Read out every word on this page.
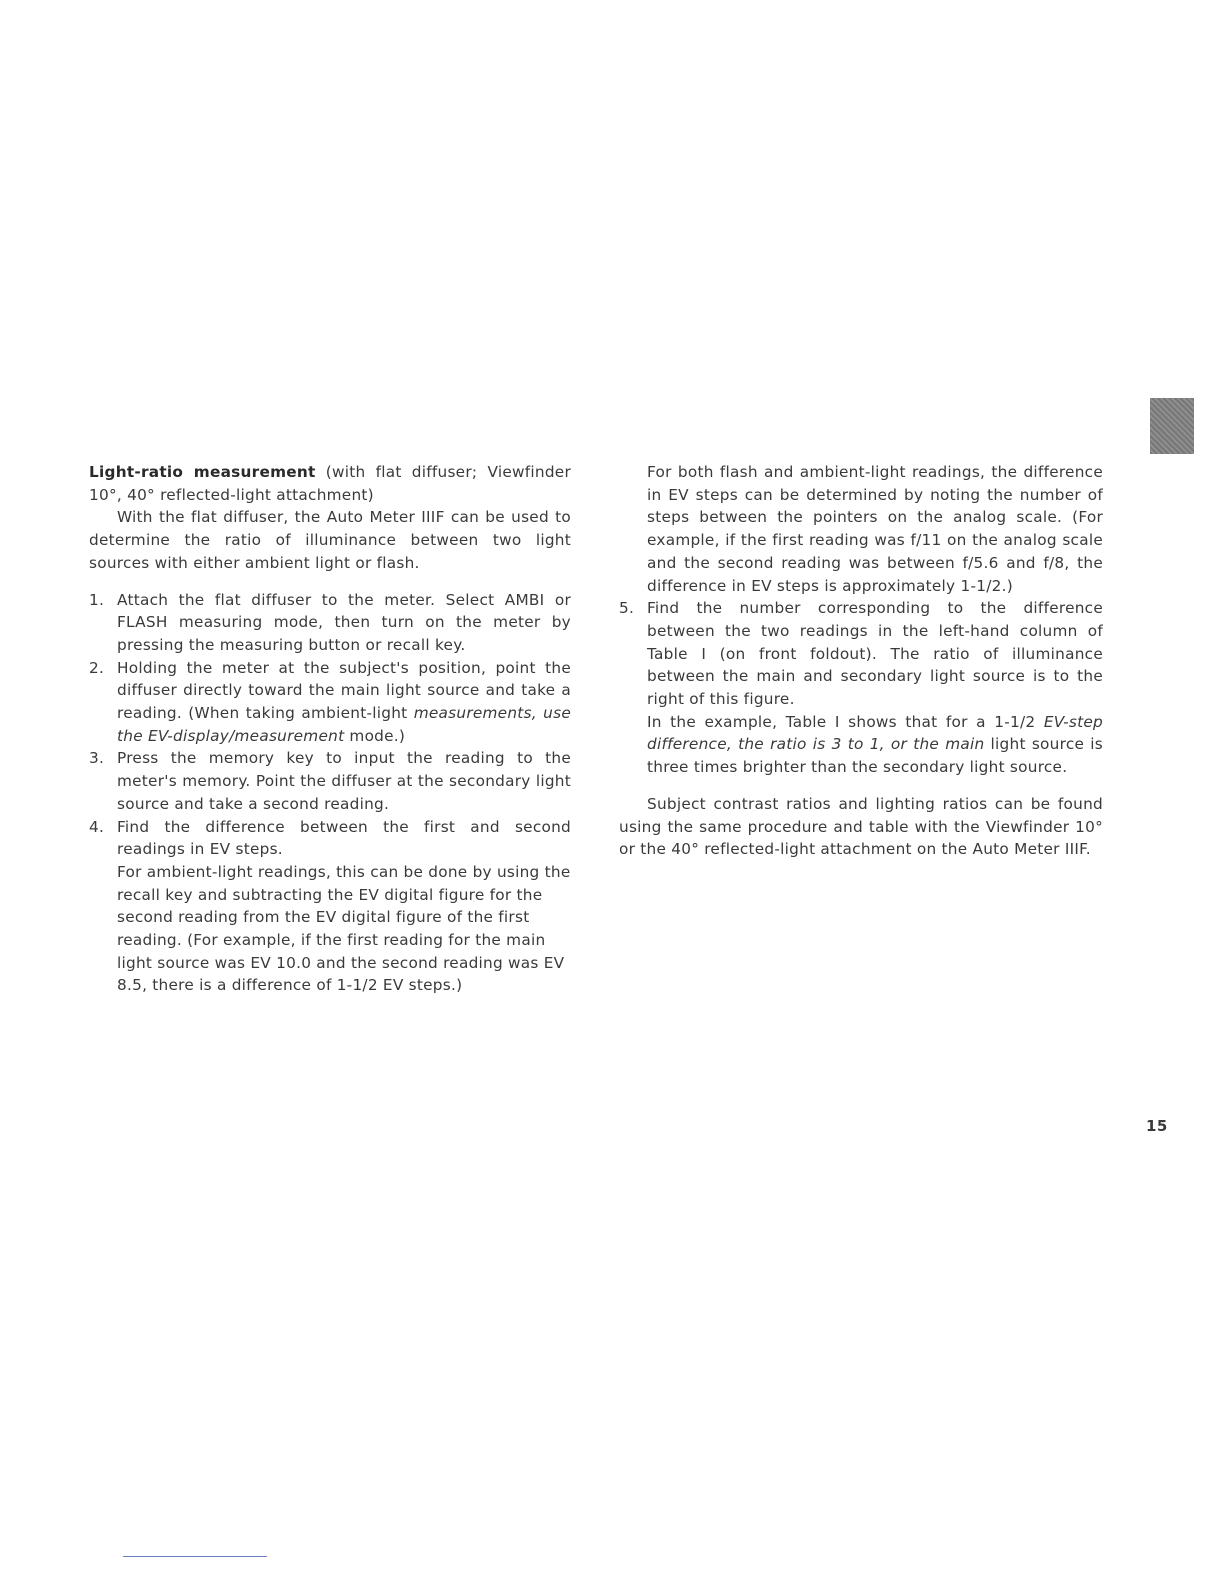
Light-ratio measurement (with flat diffuser; Viewfinder 10°, 40° reflected-light attachment)

With the flat diffuser, the Auto Meter IIIF can be used to determine the ratio of illuminance between two light sources with either ambient light or flash.

1. Attach the flat diffuser to the meter. Select AMBI or FLASH measuring mode, then turn on the meter by pressing the measuring button or recall key.

2. Holding the meter at the subject's position, point the diffuser directly toward the main light source and take a reading. (When taking ambient-light measurements, use the EV-display/measurement mode.)

3. Press the memory key to input the reading to the meter's memory. Point the diffuser at the secondary light source and take a second reading.

4. Find the difference between the first and second readings in EV steps.

For ambient-light readings, this can be done by using the recall key and subtracting the EV digital figure for the second reading from the EV digital figure of the first reading. (For example, if the first reading for the main light source was EV 10.0 and the second reading was EV 8.5, there is a difference of 1-1/2 EV steps.)

For both flash and ambient-light readings, the difference in EV steps can be determined by noting the number of steps between the pointers on the analog scale. (For example, if the first reading was f/11 on the analog scale and the second reading was between f/5.6 and f/8, the difference in EV steps is approximately 1-1/2.)

5. Find the number corresponding to the difference between the two readings in the left-hand column of Table I (on front foldout). The ratio of illuminance between the main and secondary light source is to the right of this figure.

In the example, Table I shows that for a 1-1/2 EV-step difference, the ratio is 3 to 1, or the main light source is three times brighter than the secondary light source.

Subject contrast ratios and lighting ratios can be found using the same procedure and table with the Viewfinder 10° or the 40° reflected-light attachment on the Auto Meter IIIF.

15
